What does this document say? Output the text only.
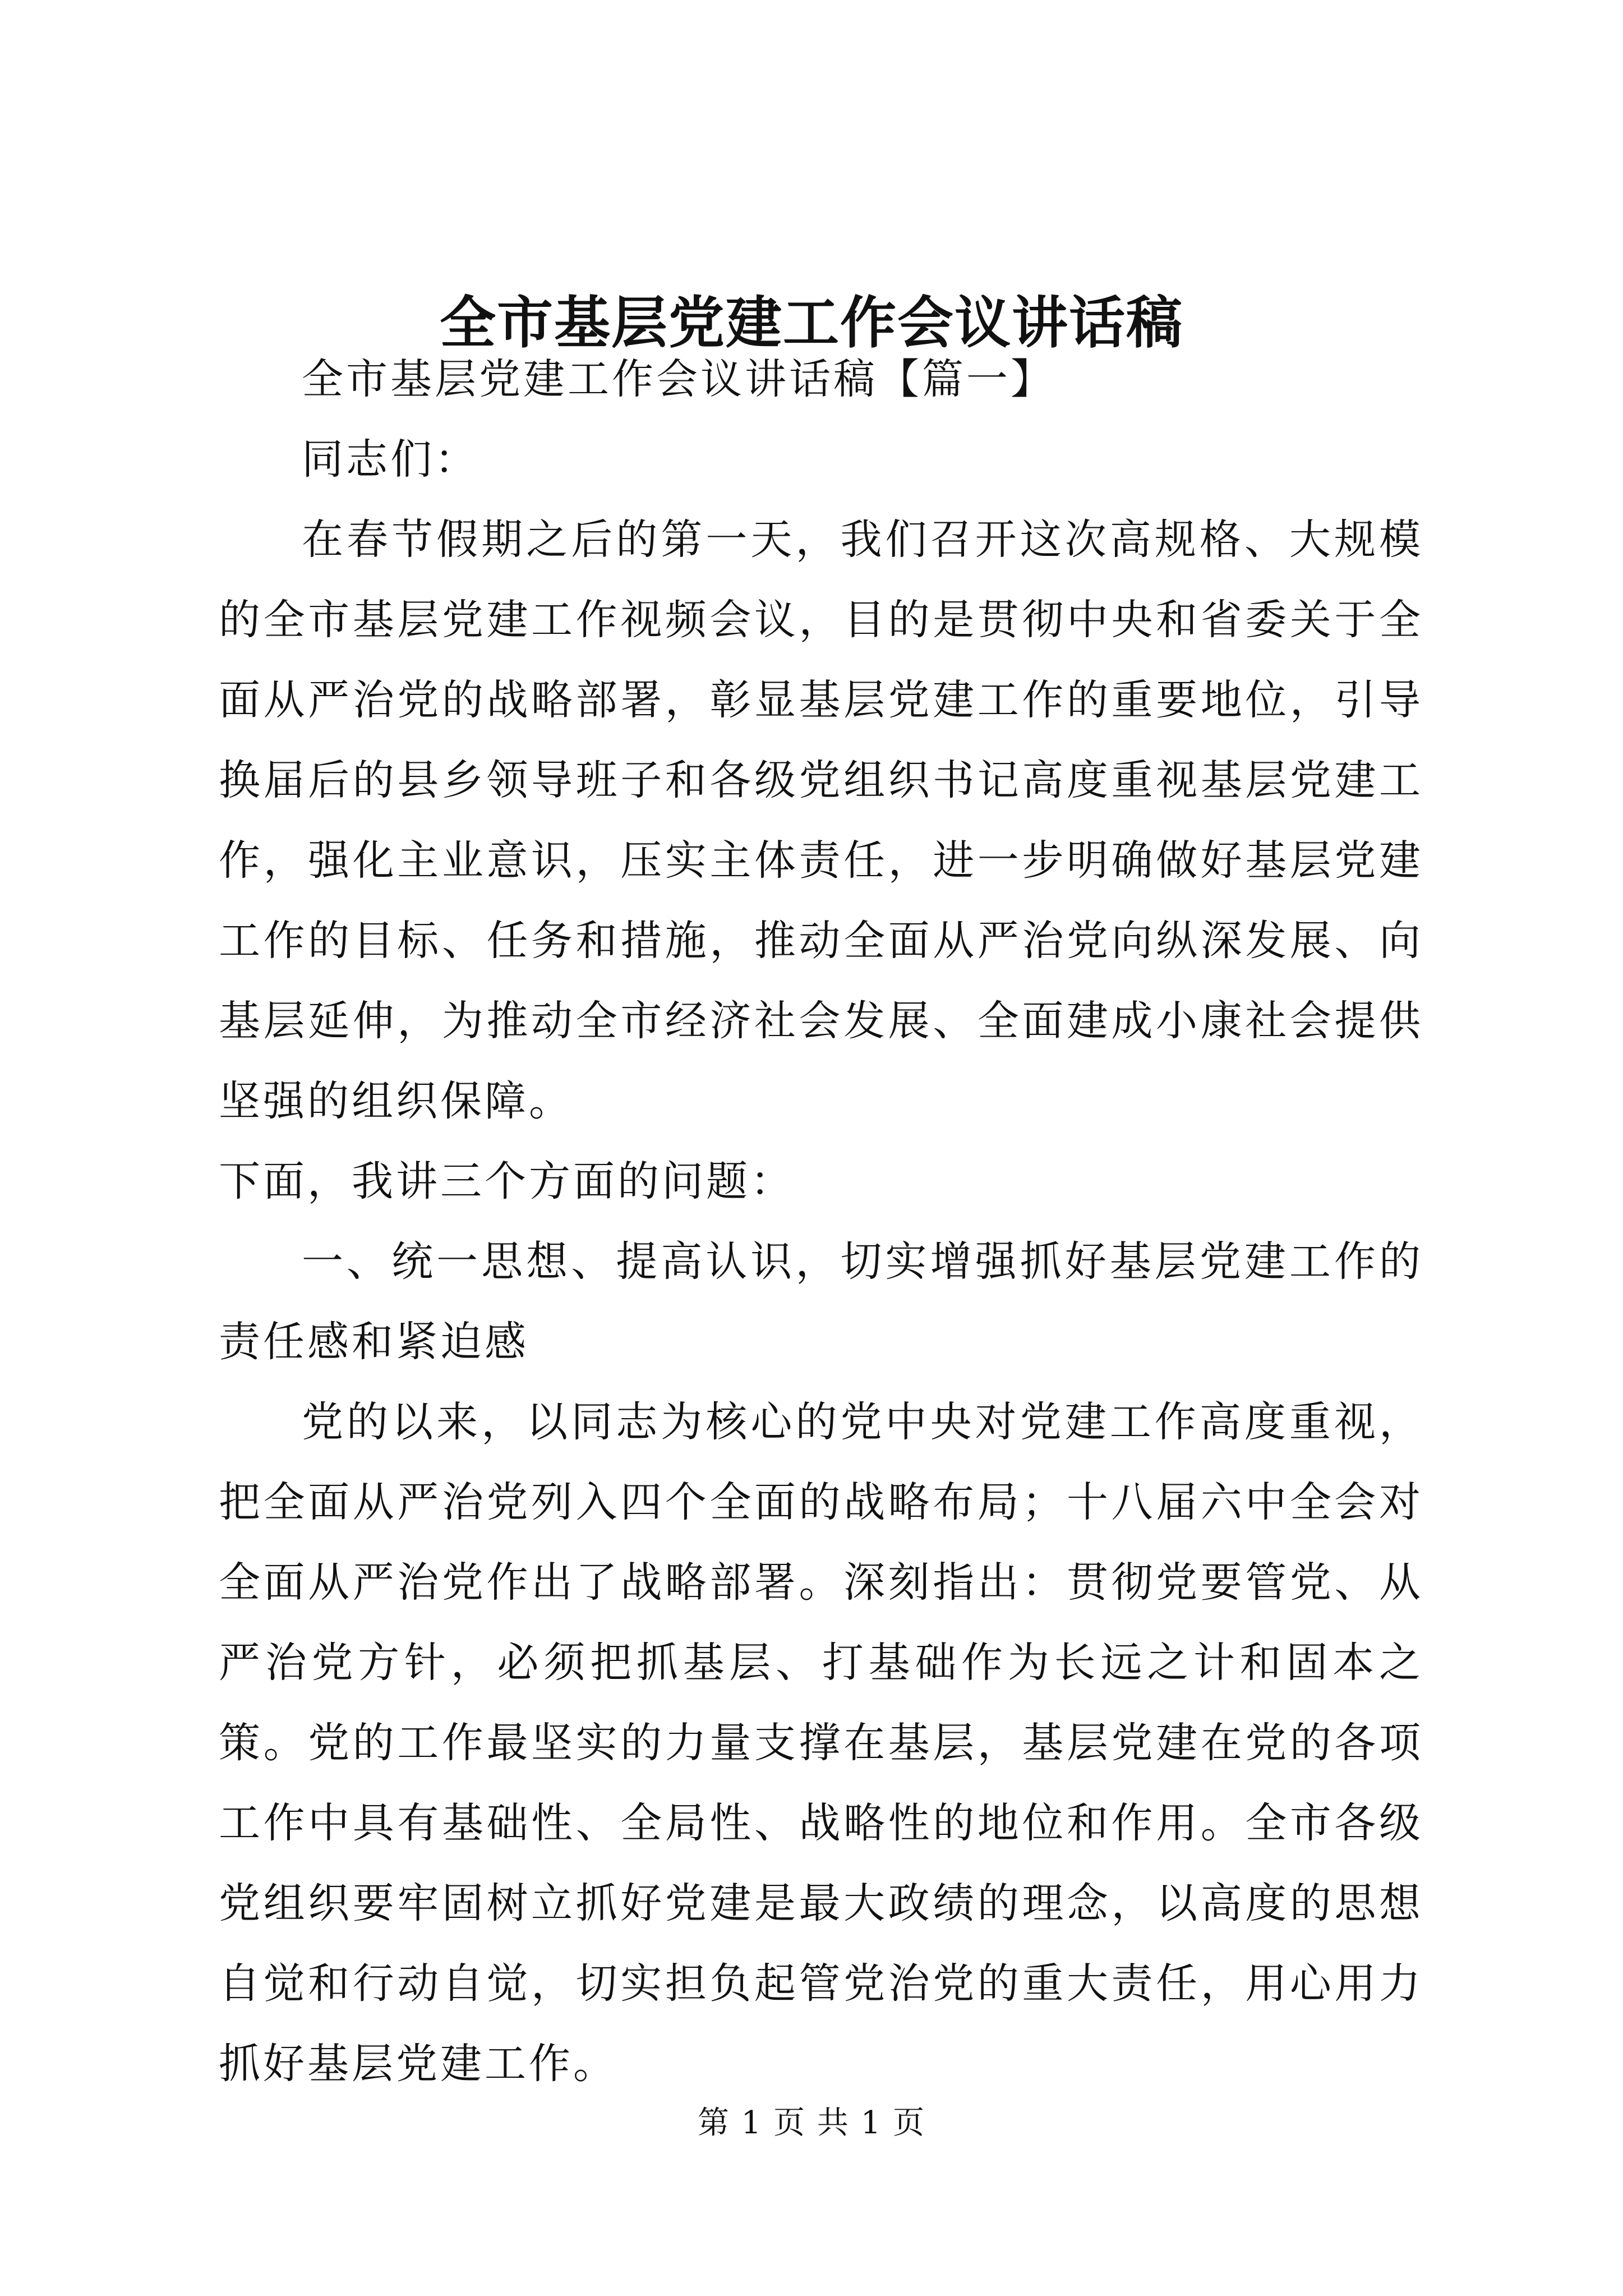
全市基层党建工作会议讲话稿

全市基层党建工作会议讲话稿【篇一】

同志们：

在春节假期之后的第一天，我们召开这次高规格、大规模的全市基层党建工作视频会议，目的是贯彻中央和省委关于全面从严治党的战略部署，彰显基层党建工作的重要地位，引导换届后的县乡领导班子和各级党组织书记高度重视基层党建工作，强化主业意识，压实主体责任，进一步明确做好基层党建工作的目标、任务和措施，推动全面从严治党向纵深发展、向基层延伸，为推动全市经济社会发展、全面建成小康社会提供坚强的组织保障。

下面，我讲三个方面的问题：

一、统一思想、提高认识，切实增强抓好基层党建工作的责任感和紧迫感

党的以来，以同志为核心的党中央对党建工作高度重视，把全面从严治党列入四个全面的战略布局；十八届六中全会对全面从严治党作出了战略部署。深刻指出：贯彻党要管党、从严治党方针，必须把抓基层、打基础作为长远之计和固本之策。党的工作最坚实的力量支撑在基层，基层党建在党的各项工作中具有基础性、全局性、战略性的地位和作用。全市各级党组织要牢固树立抓好党建是最大政绩的理念，以高度的思想自觉和行动自觉，切实担负起管党治党的重大责任，用心用力抓好基层党建工作。

第 1 页 共 1 页
